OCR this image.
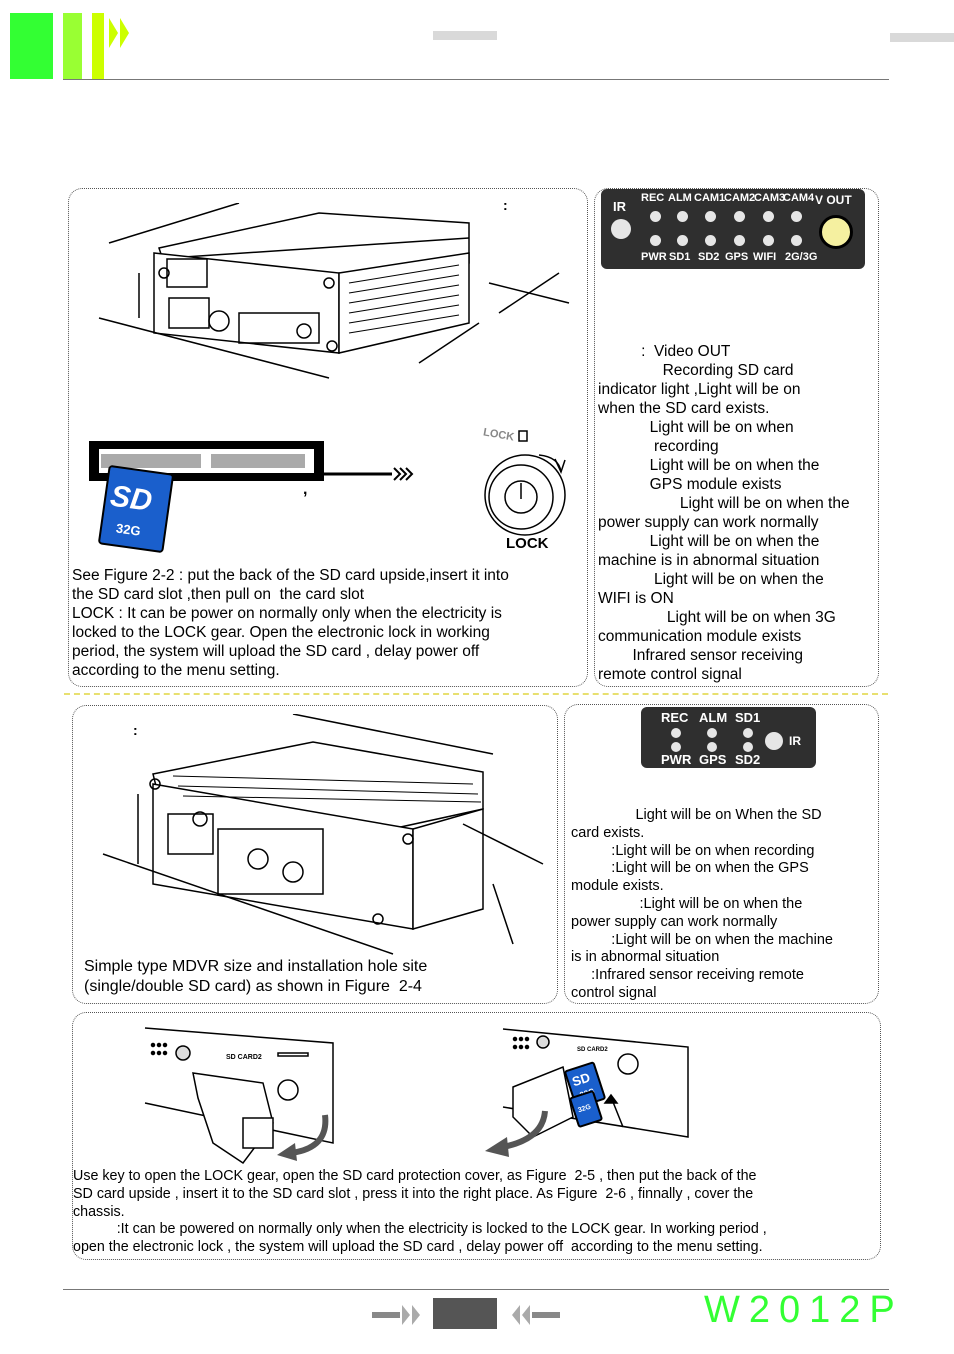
:
,
SD
32G
LOCK
LOCK
See Figure 2-2 : put the back of the SD card upside,insert it into
the SD card slot ,then pull on  the card slot
LOCK : It can be power on normally only when the electricity is
locked to the LOCK gear. Open the electronic lock in working
period, the system will upload the SD card , delay power off
according to the menu setting.
IR
REC ALM CAM1
CAM2
CAM3
CAM4 V OUT
PWR SD1 SD2 GPS WIFI 2G/3G
:  Video OUT
Recording SD card
indicator light ,Light will be on
when the SD card exists.
Light will be on when
recording
Light will be on when the
GPS module exists
Light will be on when the
power supply can work normally
Light will be on when the
machine is in abnormal situation
Light will be on when the
WIFI is ON
Light will be on when 3G
communication module exists
Infrared sensor receiving
remote control signal
:
Simple type MDVR size and installation hole site
(single/double SD card) as shown in Figure  2-4
REC ALM SD1
IR
PWR GPS SD2
Light will be on When the SD
card exists.
:Light will be on when recording
:Light will be on when the GPS
module exists.
:Light will be on when the
power supply can work normally
:Light will be on when the machine
is in abnormal situation
:Infrared sensor receiving remote
control signal
SD CARD2
SD CARD2
SD
32G
Use key to open the LOCK gear, open the SD card protection cover, as Figure  2-5 , then put the back of the
SD card upside , insert it to the SD card slot , press it into the right place. As Figure  2-6 , finnally , cover the
chassis.
:It can be powered on normally only when the electricity is locked to the LOCK gear. In working period ,
open the electronic lock , the system will upload the SD card , delay power off  according to the menu setting.
W2012P
